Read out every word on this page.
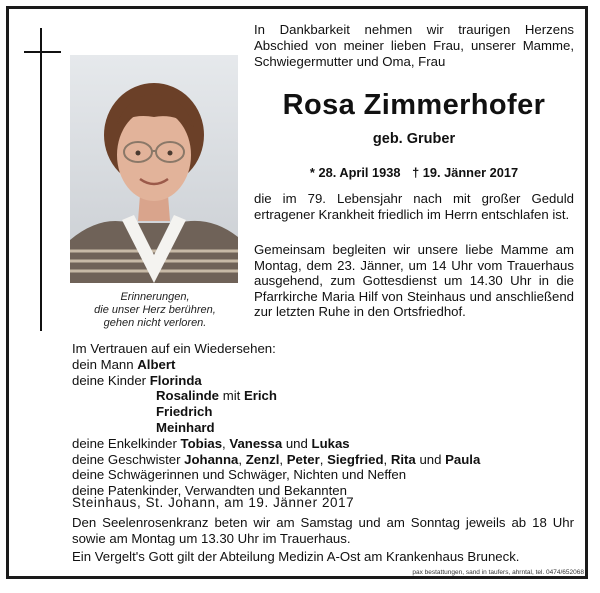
Erinnerungen,
die unser Herz berühren,
gehen nicht verloren.
In Dankbarkeit nehmen wir traurigen Herzens Abschied von meiner lieben Frau, unserer Mamme, Schwiegermutter und Oma, Frau
Rosa Zimmerhofer
geb. Gruber
* 28. April 1938 † 19. Jänner 2017
die im 79. Lebensjahr nach mit großer Geduld ertragener Krankheit friedlich im Herrn entschlafen ist.
Gemeinsam begleiten wir unsere liebe Mamme am Montag, dem 23. Jänner, um 14 Uhr vom Trauerhaus ausgehend, zum Gottesdienst um 14.30 Uhr in die Pfarrkirche Maria Hilf von Steinhaus und anschließend zur letzten Ruhe in den Ortsfriedhof.
Im Vertrauen auf ein Wiedersehen:
dein Mann Albert
deine Kinder Florinda
Rosalinde mit Erich
Friedrich
Meinhard
deine Enkelkinder Tobias, Vanessa und Lukas
deine Geschwister Johanna, Zenzl, Peter, Siegfried, Rita und Paula
deine Schwägerinnen und Schwäger, Nichten und Neffen
deine Patenkinder, Verwandten und Bekannten
Steinhaus, St. Johann, am 19. Jänner 2017
Den Seelenrosenkranz beten wir am Samstag und am Sonntag jeweils ab 18 Uhr sowie am Montag um 13.30 Uhr im Trauerhaus.
Ein Vergelt's Gott gilt der Abteilung Medizin A-Ost am Krankenhaus Bruneck.
pax bestattungen, sand in taufers, ahrntal, tel. 0474/652068
